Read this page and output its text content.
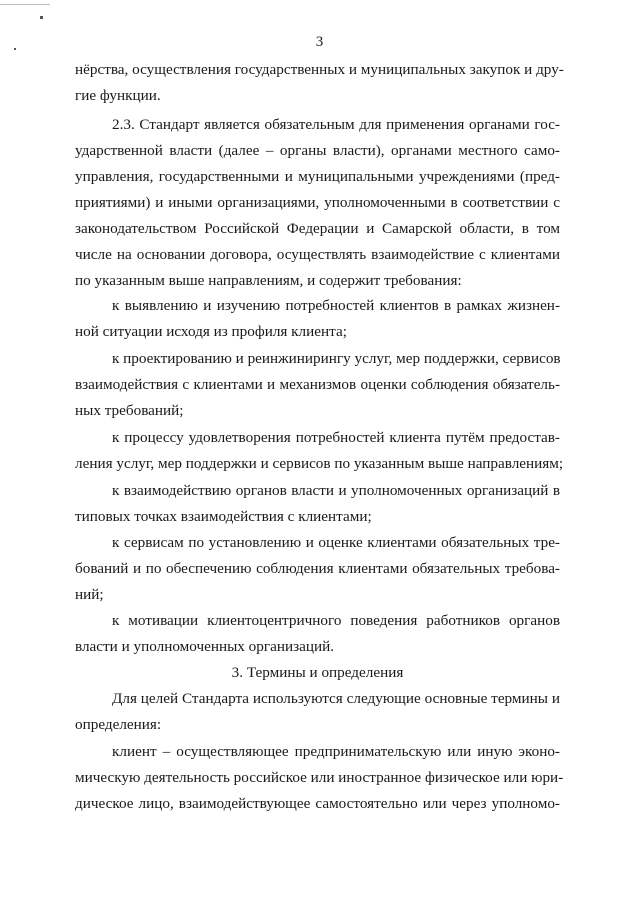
3
нёрства, осуществления государственных и муниципальных закупок и дру-
гие функции.
2.3. Стандарт является обязательным для применения органами гос-
ударственной власти (далее – органы власти), органами местного само-
управления, государственными и муниципальными учреждениями (пред-
приятиями) и иными организациями, уполномоченными в соответствии с
законодательством Российской Федерации и Самарской области, в том
числе на основании договора, осуществлять взаимодействие с клиентами
по указанным выше направлениям, и содержит требования:
к выявлению и изучению потребностей клиентов в рамках жизнен-
ной ситуации исходя из профиля клиента;
к проектированию и реинжинирингу услуг, мер поддержки, сервисов
взаимодействия с клиентами и механизмов оценки соблюдения обязатель-
ных требований;
к процессу удовлетворения потребностей клиента путём предостав-
ления услуг, мер поддержки и сервисов по указанным выше направлениям;
к взаимодействию органов власти и уполномоченных организаций в
типовых точках взаимодействия с клиентами;
к сервисам по установлению и оценке клиентами обязательных тре-
бований и по обеспечению соблюдения клиентами обязательных требова-
ний;
к мотивации клиентоцентричного поведения работников органов
власти и уполномоченных организаций.
3. Термины и определения
Для целей Стандарта используются следующие основные термины и
определения:
клиент – осуществляющее предпринимательскую или иную эконо-
мическую деятельность российское или иностранное физическое или юри-
дическое лицо, взаимодействующее самостоятельно или через уполномо-
